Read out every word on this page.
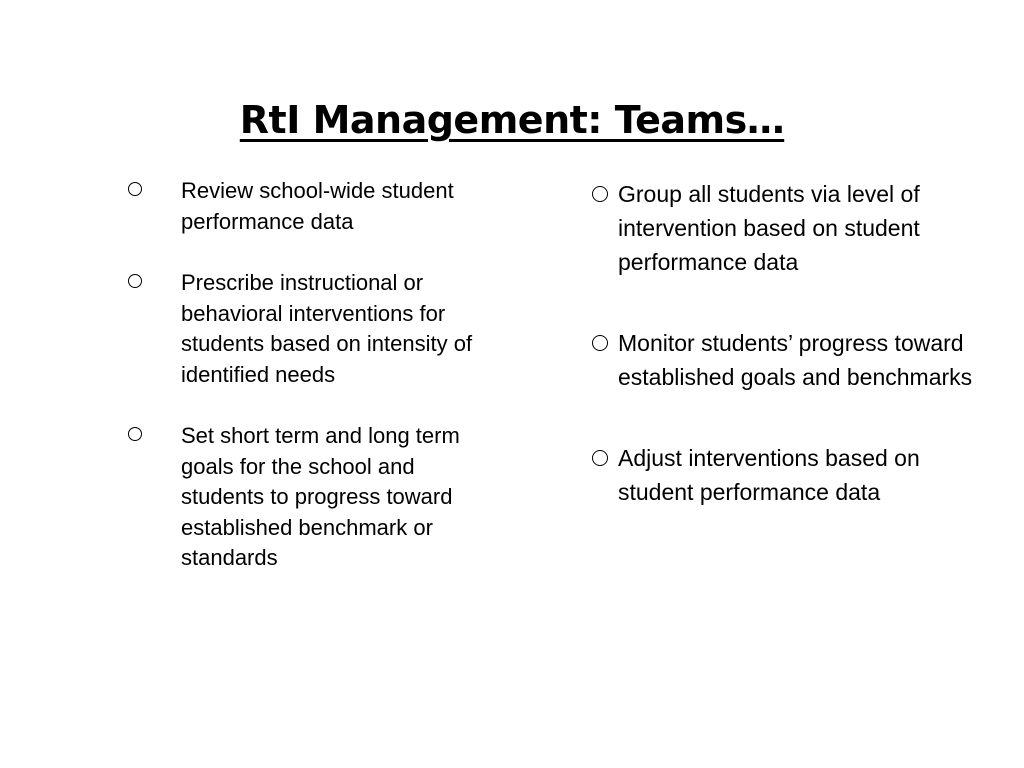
RtI Management: Teams…
Review school-wide student performance data
Prescribe instructional or behavioral interventions for students based on intensity of identified needs
Set short term and long term goals for the school and students to progress toward established benchmark or standards
Group all students via level of intervention based on student performance data
Monitor students’ progress toward established goals and benchmarks
Adjust interventions based on student performance data
